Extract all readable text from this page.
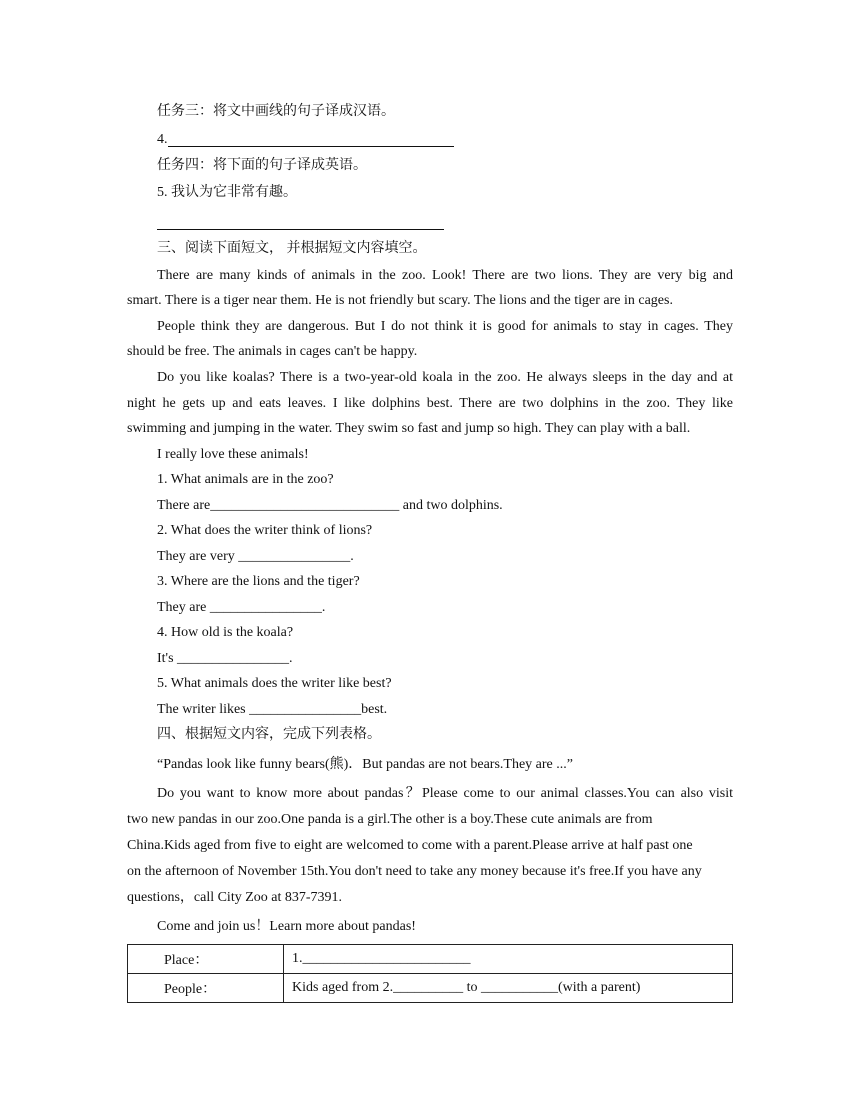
任务三：将文中画线的句子译成汉语。
4.
任务四：将下面的句子译成英语。
5. 我认为它非常有趣。
三、阅读下面短文， 并根据短文内容填空。
There are many kinds of animals in the zoo. Look! There are two lions. They are very big and
smart. There is a tiger near them. He is not friendly but scary. The lions and the tiger are in cages.
People think they are dangerous. But I do not think it is good for animals to stay in cages. They
should be free. The animals in cages can't be happy.
Do you like koalas? There is a two-year-old koala in the zoo. He always sleeps in the day and at
night he gets up and eats leaves. I like dolphins best. There are two dolphins in the zoo. They like
swimming and jumping in the water. They swim so fast and jump so high. They can play with a ball.
I really love these animals!
1. What animals are in the zoo?
There are___________________________ and two dolphins.
2. What does the writer think of lions?
They are very ________________.
3. Where are the lions and the tiger?
They are ________________.
4. How old is the koala?
It's ________________.
5. What animals does the writer like best?
The writer likes ________________best.
四、根据短文内容，完成下列表格。
“Pandas look like funny bears(熊)．But pandas are not bears.They are ...”
Do you want to know more about pandas？Please come to our animal classes.You can also visit
two new pandas in our zoo.One panda is a girl.The other is a boy.These cute animals are from
China.Kids aged from five to eight are welcomed to come with a parent.Please arrive at half past one
on the afternoon of November 15th.You don't need to take any money because it's free.If you have any
questions，call City Zoo at 837-7391.
Come and join us！Learn more about pandas!
Place：	1.________________________
People：	Kids aged from 2.__________ to ___________(with a parent)
